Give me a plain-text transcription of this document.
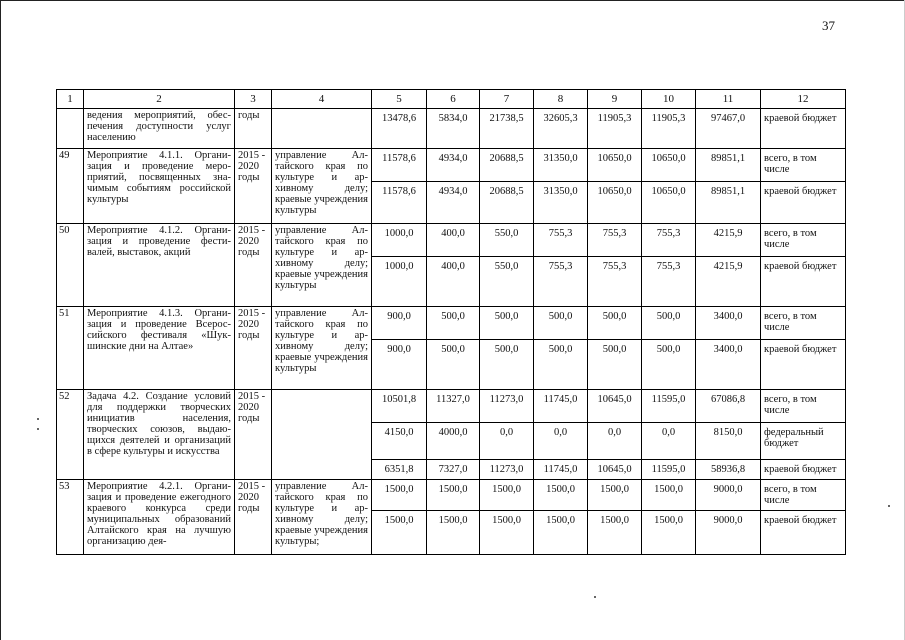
37
1	2	3	4	5	6	7	8	9	10	11	12
	ведения мероприятий, обеспечения доступности услуг населению	годы		13478,6	5834,0	21738,5	32605,3	11905,3	11905,3	97467,0	краевой бюджет
49	Мероприятие 4.1.1. Организация и проведение мероприятий, посвященных значимым событиям российской культуры	2015 - 2020 годы	управление Алтайского края по культуре и архивному делу; краевые учреждения культуры	11578,6	4934,0	20688,5	31350,0	10650,0	10650,0	89851,1	всего, в том числе
				11578,6	4934,0	20688,5	31350,0	10650,0	10650,0	89851,1	краевой бюджет
50	Мероприятие 4.1.2. Организация и проведение фестивалей, выставок, акций	2015 - 2020 годы	управление Алтайского края по культуре и архивному делу; краевые учреждения культуры	1000,0	400,0	550,0	755,3	755,3	755,3	4215,9	всего, в том числе
				1000,0	400,0	550,0	755,3	755,3	755,3	4215,9	краевой бюджет
51	Мероприятие 4.1.3. Организация и проведение Всероссийского фестиваля «Шукшинские дни на Алтае»	2015 - 2020 годы	управление Алтайского края по культуре и архивному делу; краевые учреждения культуры	900,0	500,0	500,0	500,0	500,0	500,0	3400,0	всего, в том числе
				900,0	500,0	500,0	500,0	500,0	500,0	3400,0	краевой бюджет
52	Задача 4.2. Создание условий для поддержки творческих инициатив населения, творческих союзов, выдающихся деятелей и организаций в сфере культуры и искусства	2015 - 2020 годы		10501,8	11327,0	11273,0	11745,0	10645,0	11595,0	67086,8	всего, в том числе
				4150,0	4000,0	0,0	0,0	0,0	0,0	8150,0	федеральный бюджет
				6351,8	7327,0	11273,0	11745,0	10645,0	11595,0	58936,8	краевой бюджет
53	Мероприятие 4.2.1. Организация и проведение ежегодного краевого конкурса среди муниципальных образований Алтайского края на лучшую организацию дея-	2015 - 2020 годы	управление Алтайского края по культуре и архивному делу; краевые учреждения культуры;	1500,0	1500,0	1500,0	1500,0	1500,0	1500,0	9000,0	всего, в том числе
				1500,0	1500,0	1500,0	1500,0	1500,0	1500,0	9000,0	краевой бюджет
